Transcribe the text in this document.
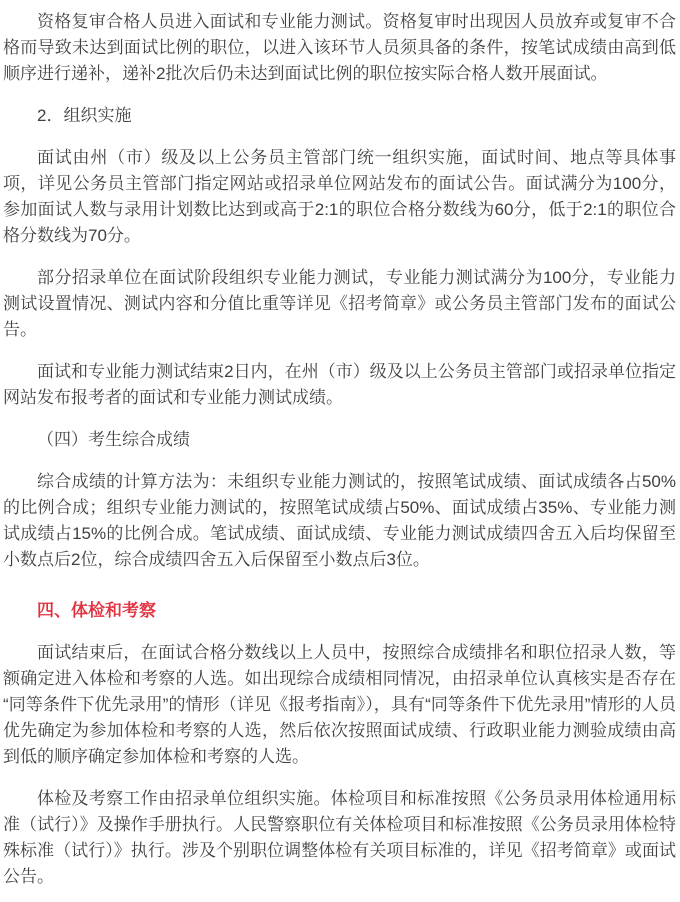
资格复审合格人员进入面试和专业能力测试。资格复审时出现因人员放弃或复审不合格而导致未达到面试比例的职位，以进入该环节人员须具备的条件，按笔试成绩由高到低顺序进行递补，递补2批次后仍未达到面试比例的职位按实际合格人数开展面试。

2．组织实施

面试由州（市）级及以上公务员主管部门统一组织实施，面试时间、地点等具体事项，详见公务员主管部门指定网站或招录单位网站发布的面试公告。面试满分为100分，参加面试人数与录用计划数比达到或高于2:1的职位合格分数线为60分，低于2:1的职位合格分数线为70分。

部分招录单位在面试阶段组织专业能力测试，专业能力测试满分为100分，专业能力测试设置情况、测试内容和分值比重等详见《招考简章》或公务员主管部门发布的面试公告。

面试和专业能力测试结束2日内，在州（市）级及以上公务员主管部门或招录单位指定网站发布报考者的面试和专业能力测试成绩。

（四）考生综合成绩

综合成绩的计算方法为：未组织专业能力测试的，按照笔试成绩、面试成绩各占50%的比例合成；组织专业能力测试的，按照笔试成绩占50%、面试成绩占35%、专业能力测试成绩占15%的比例合成。笔试成绩、面试成绩、专业能力测试成绩四舍五入后均保留至小数点后2位，综合成绩四舍五入后保留至小数点后3位。

四、体检和考察

面试结束后，在面试合格分数线以上人员中，按照综合成绩排名和职位招录人数，等额确定进入体检和考察的人选。如出现综合成绩相同情况，由招录单位认真核实是否存在“同等条件下优先录用”的情形（详见《报考指南》），具有“同等条件下优先录用”情形的人员优先确定为参加体检和考察的人选，然后依次按照面试成绩、行政职业能力测验成绩由高到低的顺序确定参加体检和考察的人选。

体检及考察工作由招录单位组织实施。体检项目和标准按照《公务员录用体检通用标准（试行）》及操作手册执行。人民警察职位有关体检项目和标准按照《公务员录用体检特殊标准（试行）》执行。涉及个别职位调整体检有关项目标准的，详见《招考简章》或面试公告。
